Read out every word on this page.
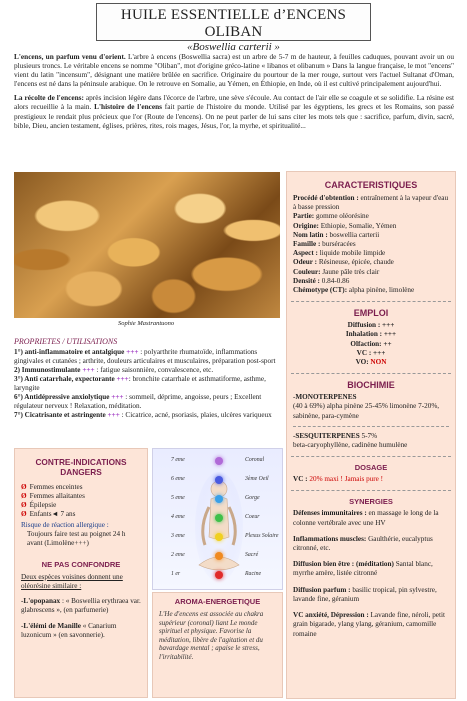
HUILE ESSENTIELLE d’ENCENS OLIBAN
«Boswellia carterii »

L'encens, un parfum venu d'orient. L'arbre à encens (Boswellia sacra) est un arbre de 5-7 m de hauteur, à feuilles caduques, pouvant avoir un ou plusieurs troncs. Le véritable encens se nomme "Oliban", mot d'origine gréco-latine « libanos et olibanum » Dans la langue française, le mot "encens" vient du latin "incensum", désignant une matière brûlée en sacrifice. Originaire du pourtour de la mer rouge, surtout vers l'actuel Sultanat d'Oman, l'encens est né dans la péninsule arabique. On le retrouve en Somalie, au Yémen, en Éthiopie, en Inde, où il est cultivé principalement aujourd'hui.

La récolte de l'encens: après incision légère dans l'écorce de l'arbre, une sève s'écoule. Au contact de l'air elle se coagule et se solidifie. La résine est alors recueillie à la main. L'histoire de l'encens fait partie de l'histoire du monde. Utilisé par les égyptiens, les grecs et les Romains, son passé prestigieux le rendait plus précieux que l'or (Route de l'encens). On ne peut parler de lui sans citer les mots tels que : sacrifice, parfum, divin, sacré, bible, Dieu, ancien testament, églises, prières, rites, rois mages, Jésus, l'or, la myrhe, et spiritualité...

Sophie Mastrantuono
CARACTERISTIQUES
Procédé d'obtention : entraînement à la vapeur d'eau à basse pression
Partie: gomme oléorésine
Origine: Ethiopie, Somalie, Yémen
Nom latin : boswellia carterii
Famille : burséracées
Aspect : liquide mobile limpide
Odeur : Résineuse, épicée, chaude
Couleur: Jaune pâle très clair
Densité : 0.84-0.86
Chémotype (CT): alpha pinène, limolène
EMPLOI
Diffusion : +++
Inhalation : +++
Olfaction: ++
VC : +++
VO: NON
BIOCHIMIE
-MONOTERPENES
(40 à 69%) alpha pinène 25-45% limonène 7-20%, sabinène, para-cymène
-SESQUITERPENES 5-7%
beta-caryophyllène, cadinène humulène
DOSAGE
VC : 20% maxi ! Jamais pure !
SYNERGIES
Défenses immunitaires : en massage le long de la colonne vertébrale avec une HV
Inflammations muscles: Gaulthérie, eucalyptus citronné, etc.
Diffusion bien être : (méditation) Santal blanc, myrrhe amère, listée citronné
Diffusion parfum : basilic tropical, pin sylvestre, lavande fine, géranium
VC anxiété, Dépression : Lavande fine, néroli, petit grain bigarade, ylang ylang, géranium, camomille romaine
PROPRIETES / UTILISATIONS
1°) anti-inflammatoire et antalgique +++ : polyarthrite rhumatoïde, inflammations gingivales et cutanées ; arthrite, douleurs articulaires et musculaires, préparation post-sport
2) Immunostimulante +++ : fatigue saisonnière, convalescence, etc.
3°) Anti catarrhale, expectorante +++: bronchite catarrhale et asthmatiforme, asthme, laryngite
6°) Antidépressive anxiolytique +++ : sommeil, déprime, angoisse, peurs ; Excellent régulateur nerveux ! Relaxation, méditation.
7°) Cicatrisante et astringente +++ : Cicatrice, acné, psoriasis, plaies, ulcères variqueux
CONTRE-INDICATIONS DANGERS
Ø Femmes enceintes
Ø Femmes allaitantes
Ø Épilepsie
Ø Enfants◄ 7 ans
Risque de réaction allergique :
Toujours faire test au poignet 24 h avant (Limolène+++)
NE PAS CONFONDRE
Deux espèces voisines donnent une oléorésine similaire :
-L'opopanax : « Boswellia erythraea var. glabrescens », (en parfumerie)
-L'élémi de Manille « Canarium luzonicum » (en savonnerie).
7 eme	Coronal
6 eme	3ème Oeil
5 eme	Gorge
4 eme	Coeur
3 eme	Plexus Solaire
2 eme	Sacré
1 er	Racine
AROMA-ENERGETIQUE
L'He d'encens est associée au chakra supérieur (coronal) liant Le monde spirituel et physique. Favorise la méditation, libère de l'agitation et du bavardage mental ; apaise le stress, l'irritabilité.
